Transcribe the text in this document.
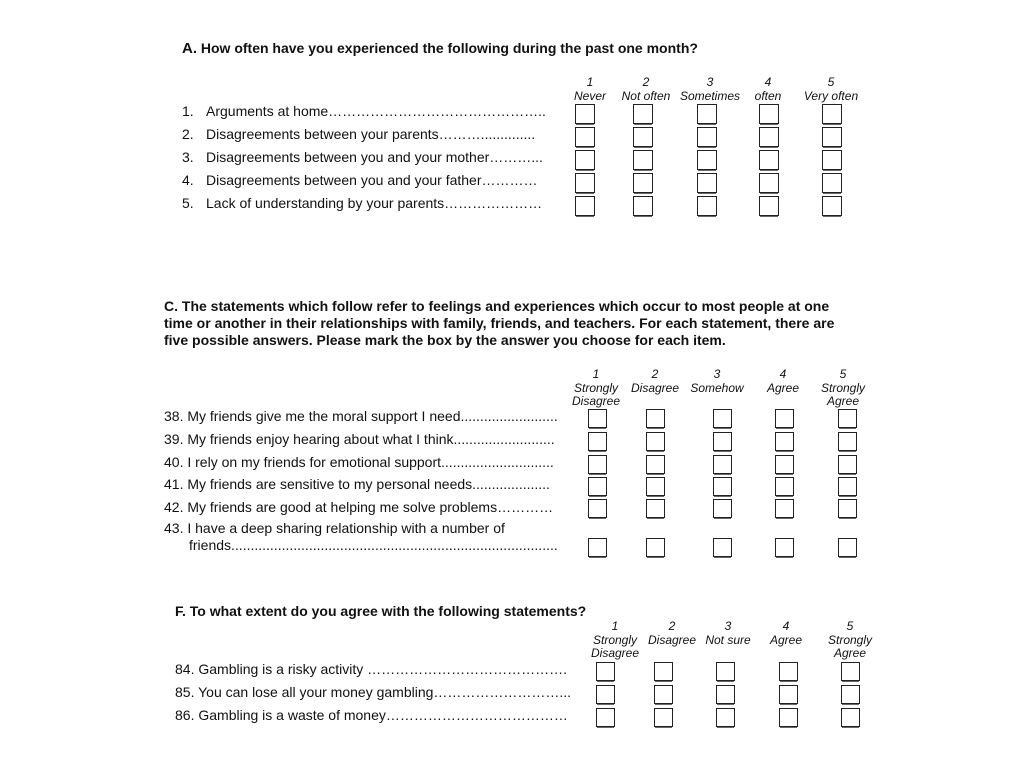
A. How often have you experienced the following during the past one month?
1
Never
2
Not often
3
Sometimes
4
often
5
Very often
1. Arguments at home………………………………………..
2. Disagreements between your parents………..............
3. Disagreements between you and your mother………...
4. Disagreements between you and your father…………
5. Lack of understanding by your parents…………………
C. The statements which follow refer to feelings and experiences which occur to most people at one
time or another in their relationships with family, friends, and teachers. For each statement, there are
five possible answers. Please mark the box by the answer you choose for each item.
1
Strongly Disagree
2
Disagree
3
Somehow
4
Agree
5
Strongly Agree
38. My friends give me the moral support I need.........................
39. My friends enjoy hearing about what I think..........................
40. I rely on my friends for emotional support.............................
41. My friends are sensitive to my personal needs....................
42. My friends are good at helping me solve problems…………
43. I have a deep sharing relationship with a number of
friends....................................................................................
F. To what extent do you agree with the following statements?
1
Strongly Disagree
2
Disagree
3
Not sure
4
Agree
5
Strongly Agree
84. Gambling is a risky activity …………………………………….
85. You can lose all your money gambling………………………...
86. Gambling is a waste of money…………………………………
